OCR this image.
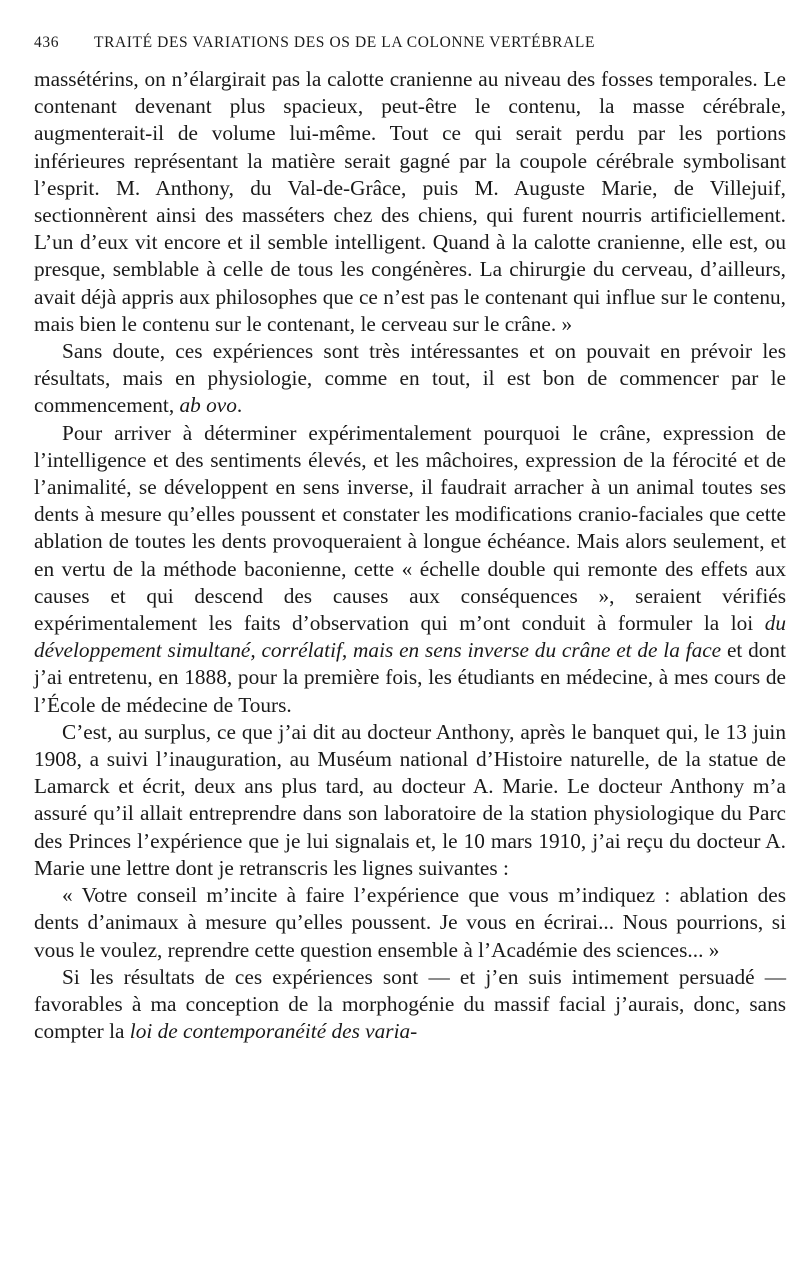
436 TRAITÉ DES VARIATIONS DES OS DE LA COLONNE VERTÉBRALE

massétérins, on n’élargirait pas la calotte cranienne au niveau des fosses temporales. Le contenant devenant plus spacieux, peut-être le contenu, la masse cérébrale, augmenterait-il de volume lui-même. Tout ce qui serait perdu par les portions inférieures représentant la matière serait gagné par la coupole cérébrale symbolisant l’esprit. M. Anthony, du Val-de-Grâce, puis M. Auguste Marie, de Villejuif, sectionnèrent ainsi des masséters chez des chiens, qui furent nourris artificiellement. L’un d’eux vit encore et il semble intelligent. Quand à la calotte cranienne, elle est, ou presque, semblable à celle de tous les congénères. La chirurgie du cerveau, d’ailleurs, avait déjà appris aux philosophes que ce n’est pas le contenant qui influe sur le contenu, mais bien le contenu sur le contenant, le cerveau sur le crâne. »

Sans doute, ces expériences sont très intéressantes et on pouvait en prévoir les résultats, mais en physiologie, comme en tout, il est bon de commencer par le commencement, ab ovo.

Pour arriver à déterminer expérimentalement pourquoi le crâne, expression de l’intelligence et des sentiments élevés, et les mâchoires, expression de la férocité et de l’animalité, se développent en sens inverse, il faudrait arracher à un animal toutes ses dents à mesure qu’elles poussent et constater les modifications cranio-faciales que cette ablation de toutes les dents provoqueraient à longue échéance. Mais alors seulement, et en vertu de la méthode baconienne, cette « échelle double qui remonte des effets aux causes et qui descend des causes aux conséquences », seraient vérifiés expérimentalement les faits d’observation qui m’ont conduit à formuler la loi du développement simultané, corrélatif, mais en sens inverse du crâne et de la face et dont j’ai entretenu, en 1888, pour la première fois, les étudiants en médecine, à mes cours de l’École de médecine de Tours.

C’est, au surplus, ce que j’ai dit au docteur Anthony, après le banquet qui, le 13 juin 1908, a suivi l’inauguration, au Muséum national d’Histoire naturelle, de la statue de Lamarck et écrit, deux ans plus tard, au docteur A. Marie. Le docteur Anthony m’a assuré qu’il allait entreprendre dans son laboratoire de la station physiologique du Parc des Princes l’expérience que je lui signalais et, le 10 mars 1910, j’ai reçu du docteur A. Marie une lettre dont je retranscris les lignes suivantes :

« Votre conseil m’incite à faire l’expérience que vous m’indiquez : ablation des dents d’animaux à mesure qu’elles poussent. Je vous en écrirai... Nous pourrions, si vous le voulez, reprendre cette question ensemble à l’Académie des sciences... »

Si les résultats de ces expériences sont — et j’en suis intimement persuadé — favorables à ma conception de la morphogénie du massif facial j’aurais, donc, sans compter la loi de contemporanéité des varia-
